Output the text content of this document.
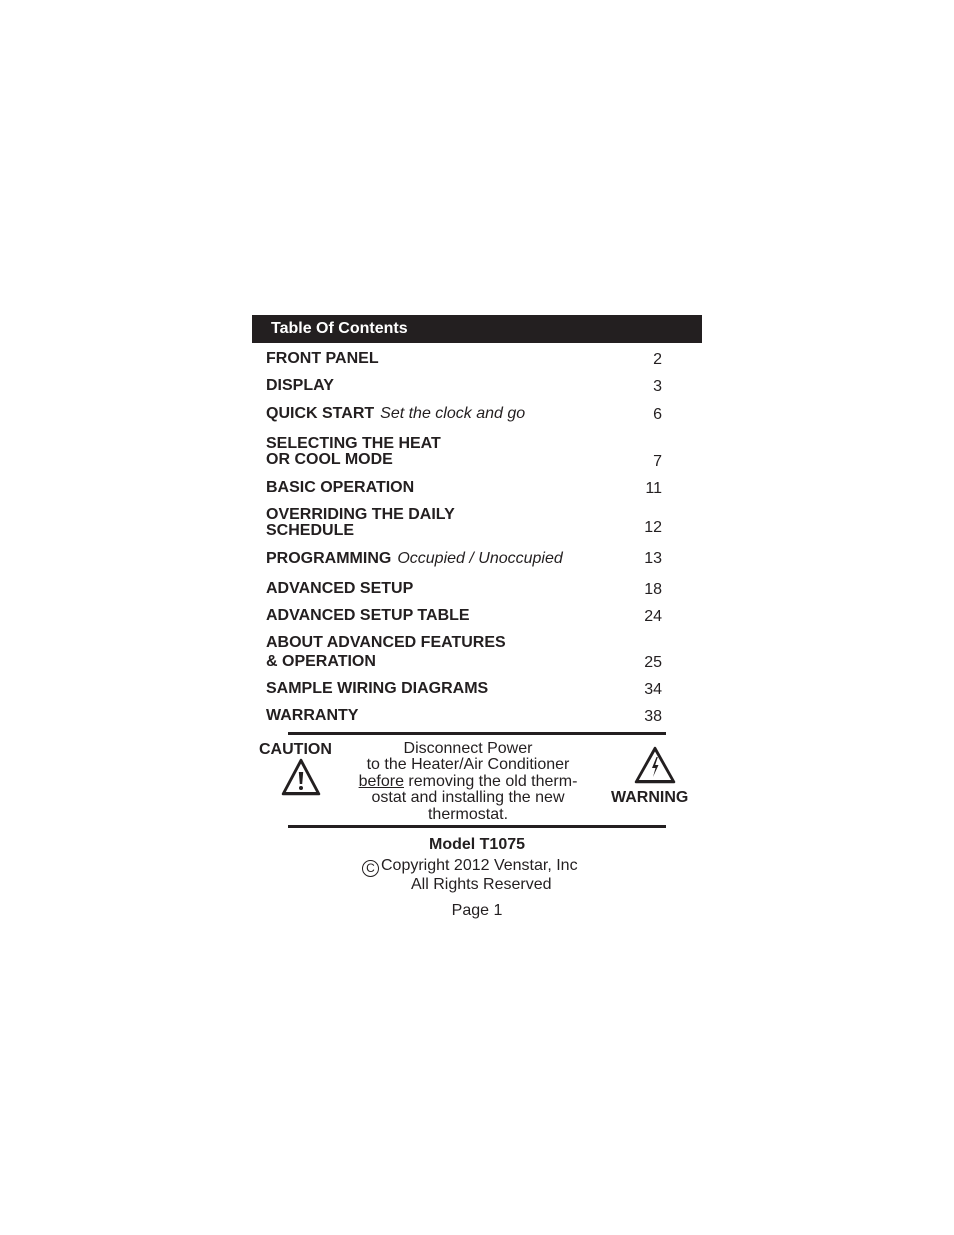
Table Of Contents
FRONT PANEL	2
DISPLAY	3
QUICK START Set the clock and go	6
SELECTING THE HEAT
OR COOL MODE	7
BASIC OPERATION	11
OVERRIDING THE DAILY
SCHEDULE	12
PROGRAMMING Occupied / Unoccupied	13
ADVANCED SETUP	18
ADVANCED SETUP TABLE	24
ABOUT ADVANCED FEATURES
& OPERATION	25
SAMPLE WIRING DIAGRAMS	34
WARRANTY	38
CAUTION	Disconnect Power
to the Heater/Air Conditioner
before removing the old therm-
ostat and installing the new
thermostat.
WARNING
Model T1075
C Copyright 2012 Venstar, Inc
All Rights Reserved
Page 1
